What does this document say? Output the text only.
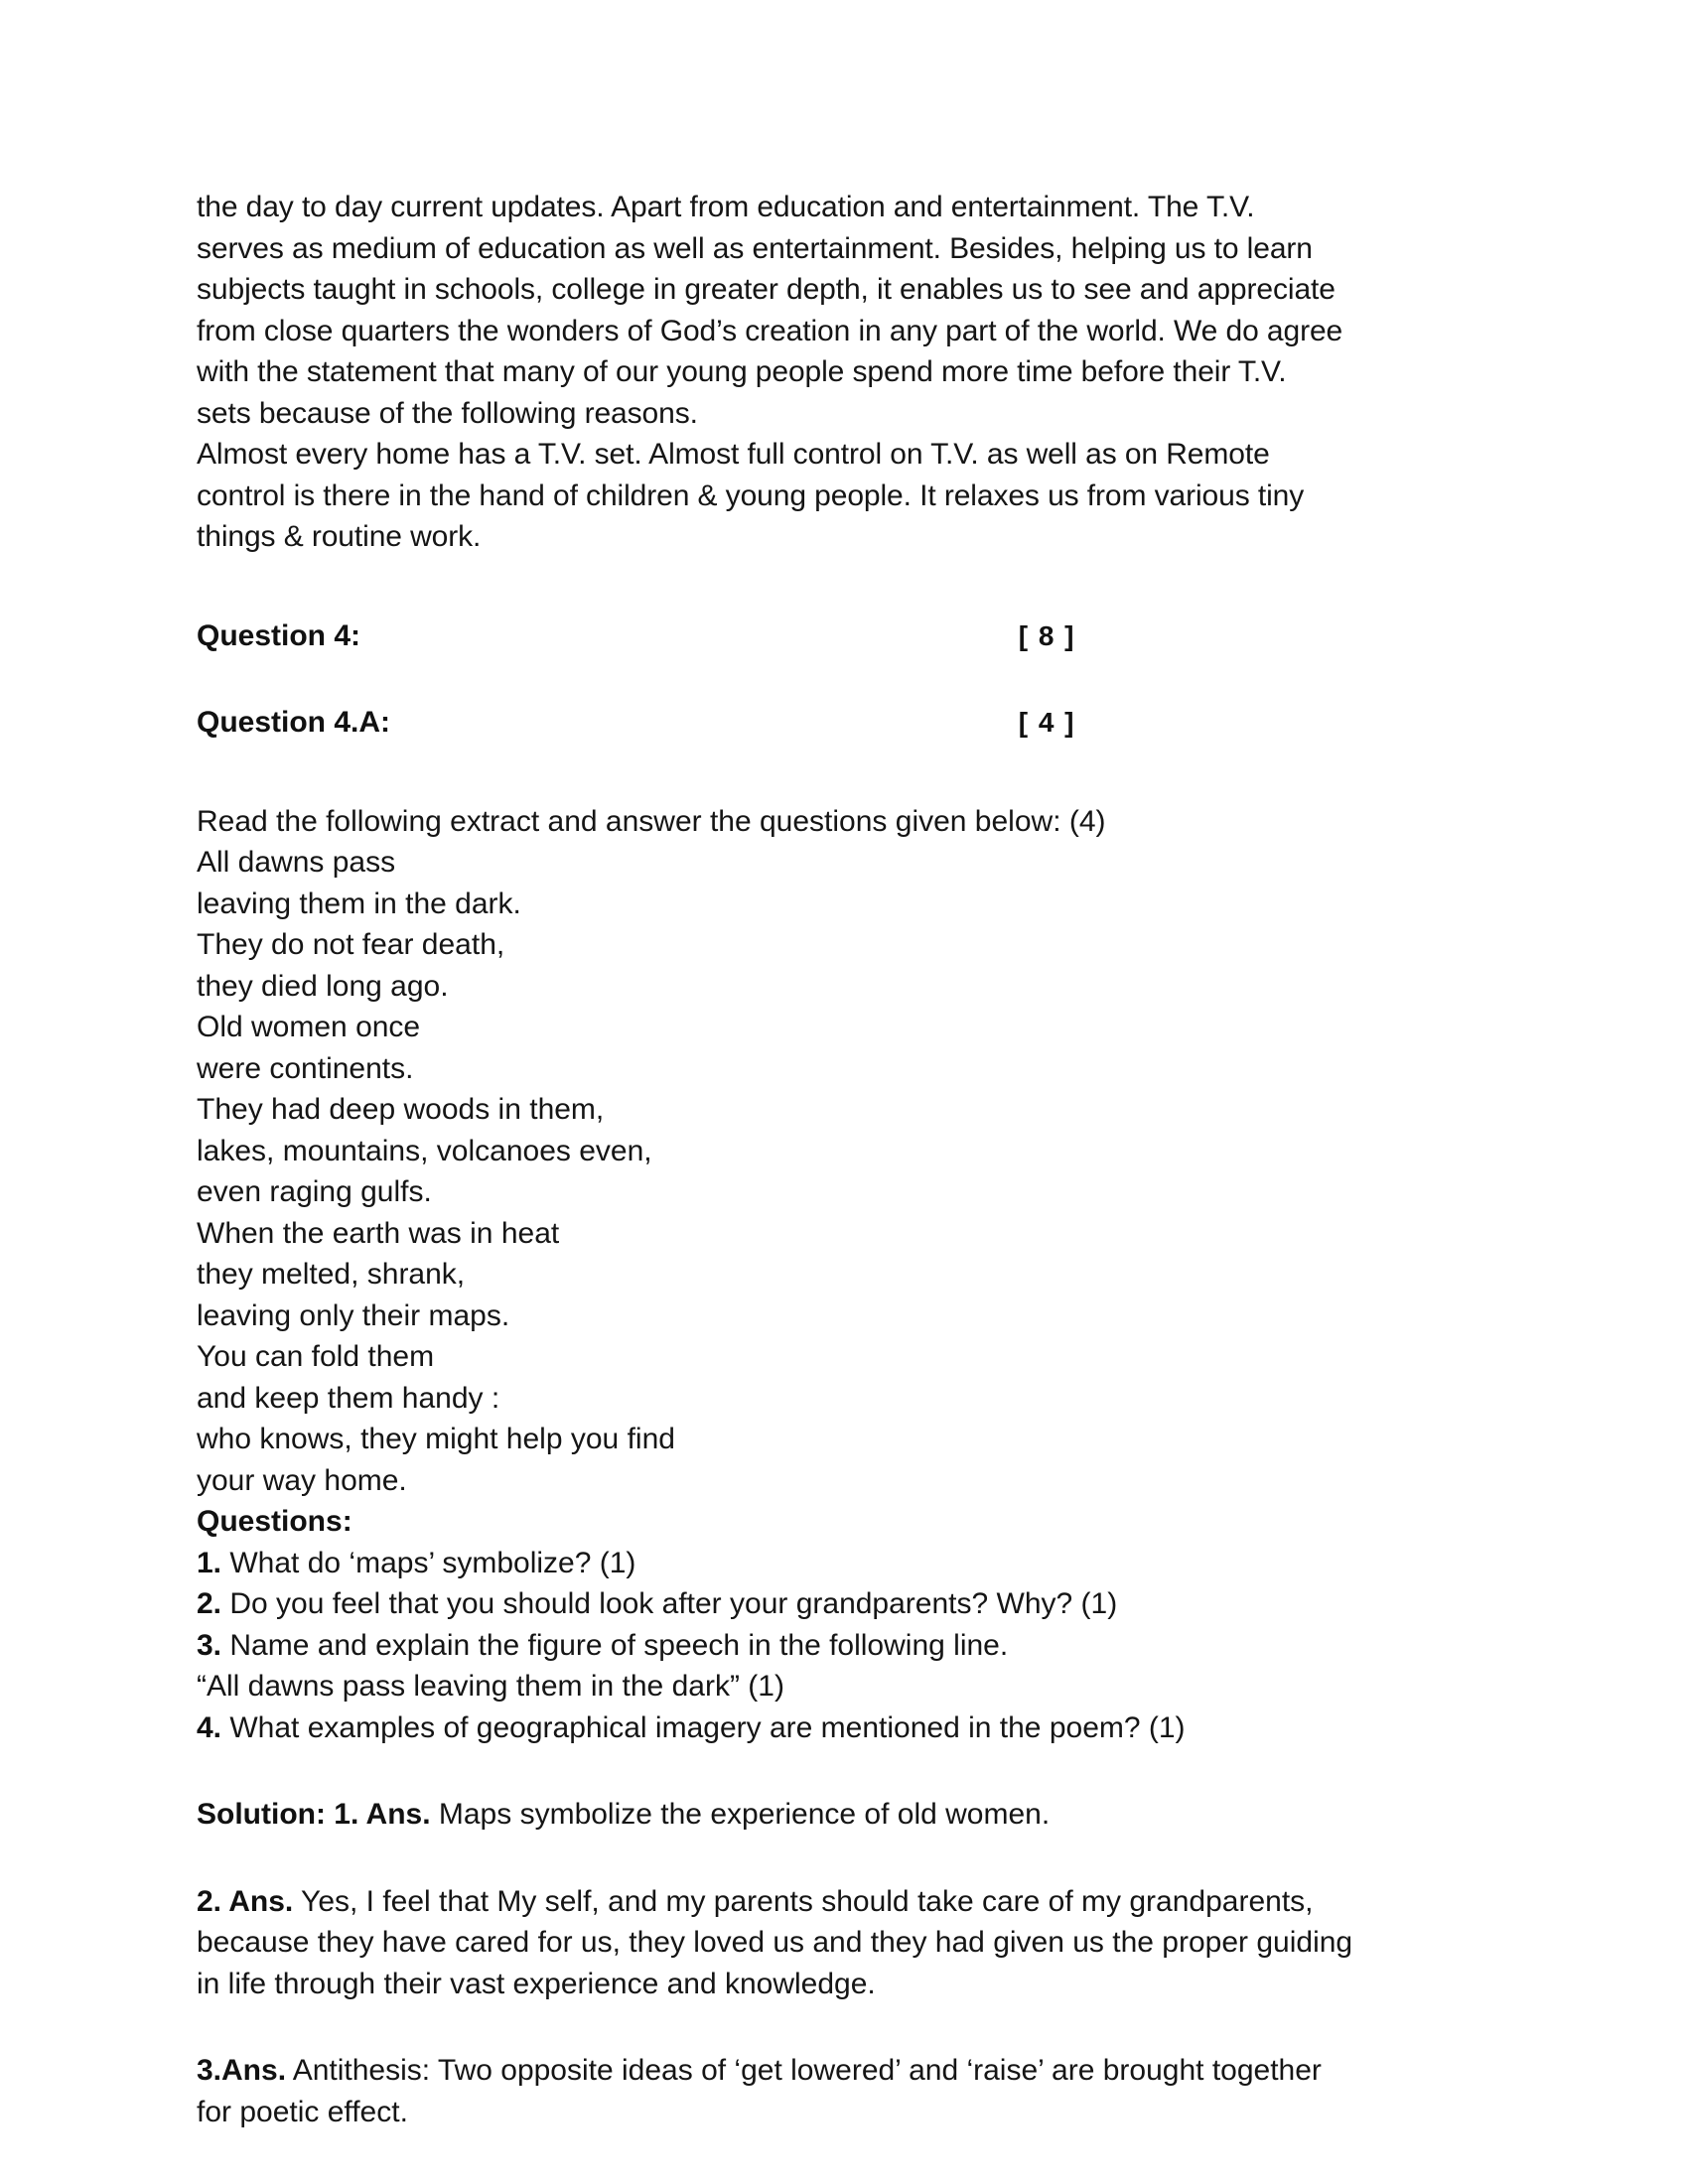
the day to day current updates. Apart from education and entertainment. The T.V.
serves as medium of education as well as entertainment. Besides, helping us to learn
subjects taught in schools, college in greater depth, it enables us to see and appreciate
from close quarters the wonders of God’s creation in any part of the world. We do agree
with the statement that many of our young people spend more time before their T.V.
sets because of the following reasons.
Almost every home has a T.V. set. Almost full control on T.V. as well as on Remote
control is there in the hand of children & young people. It relaxes us from various tiny
things & routine work.
Question 4:	[ 8 ]
Question 4.A:	[ 4 ]
Read the following extract and answer the questions given below: (4)
All dawns pass
leaving them in the dark.
They do not fear death,
they died long ago.
Old women once
were continents.
They had deep woods in them,
lakes, mountains, volcanoes even,
even raging gulfs.
When the earth was in heat
they melted, shrank,
leaving only their maps.
You can fold them
and keep them handy :
who knows, they might help you find
your way home.
Questions:
1. What do ‘maps’ symbolize? (1)
2. Do you feel that you should look after your grandparents? Why? (1)
3. Name and explain the figure of speech in the following line.
“All dawns pass leaving them in the dark” (1)
4. What examples of geographical imagery are mentioned in the poem? (1)
Solution: 1. Ans. Maps symbolize the experience of old women.
2. Ans. Yes, I feel that My self, and my parents should take care of my grandparents,
because they have cared for us, they loved us and they had given us the proper guiding
in life through their vast experience and knowledge.
3.Ans. Antithesis: Two opposite ideas of ‘get lowered’ and ‘raise’ are brought together
for poetic effect.
